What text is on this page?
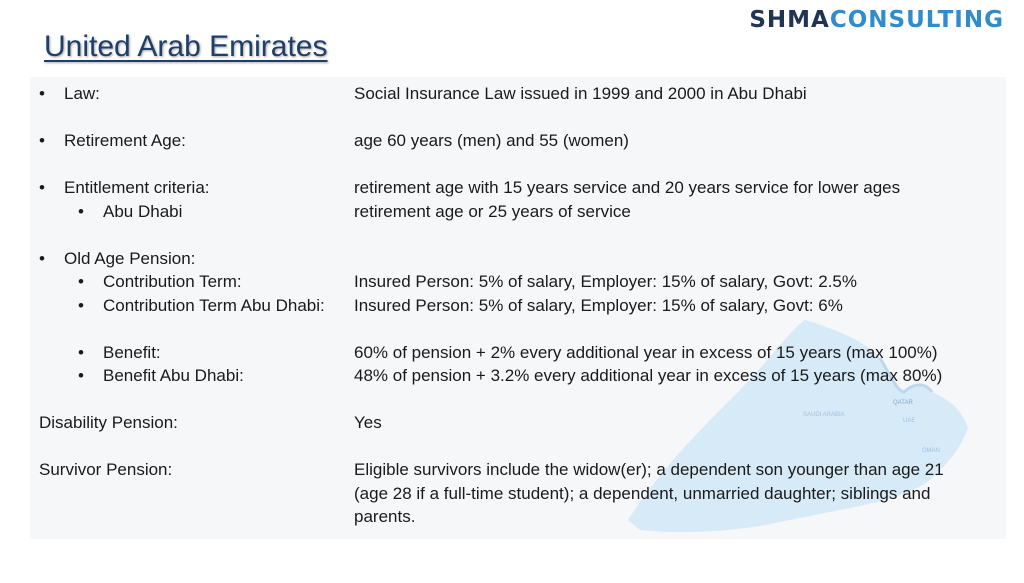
QATAR
SAUDI ARABIA
UAE
OMAN
SHMACONSULTING
United Arab Emirates
• Law:	Social Insurance Law issued in 1999 and 2000 in Abu Dhabi
• Retirement Age:	age 60 years (men) and 55 (women)
• Entitlement criteria:	retirement age with 15 years service and 20 years service for lower ages
• Abu Dhabi	retirement age or 25 years of service
• Old Age Pension:
• Contribution Term:	Insured Person: 5% of salary, Employer: 15% of salary, Govt: 2.5%
• Contribution Term Abu Dhabi: Insured Person: 5% of salary, Employer: 15% of salary, Govt: 6%
• Benefit:	60% of pension + 2% every additional year in excess of 15 years (max 100%)
• Benefit Abu Dhabi:	48% of pension + 3.2% every additional year in excess of 15 years (max 80%)
Disability Pension:	Yes
Survivor Pension:	Eligible survivors include the widow(er); a dependent son younger than age 21 (age 28 if a full-time student); a dependent, unmarried daughter; siblings and parents.
